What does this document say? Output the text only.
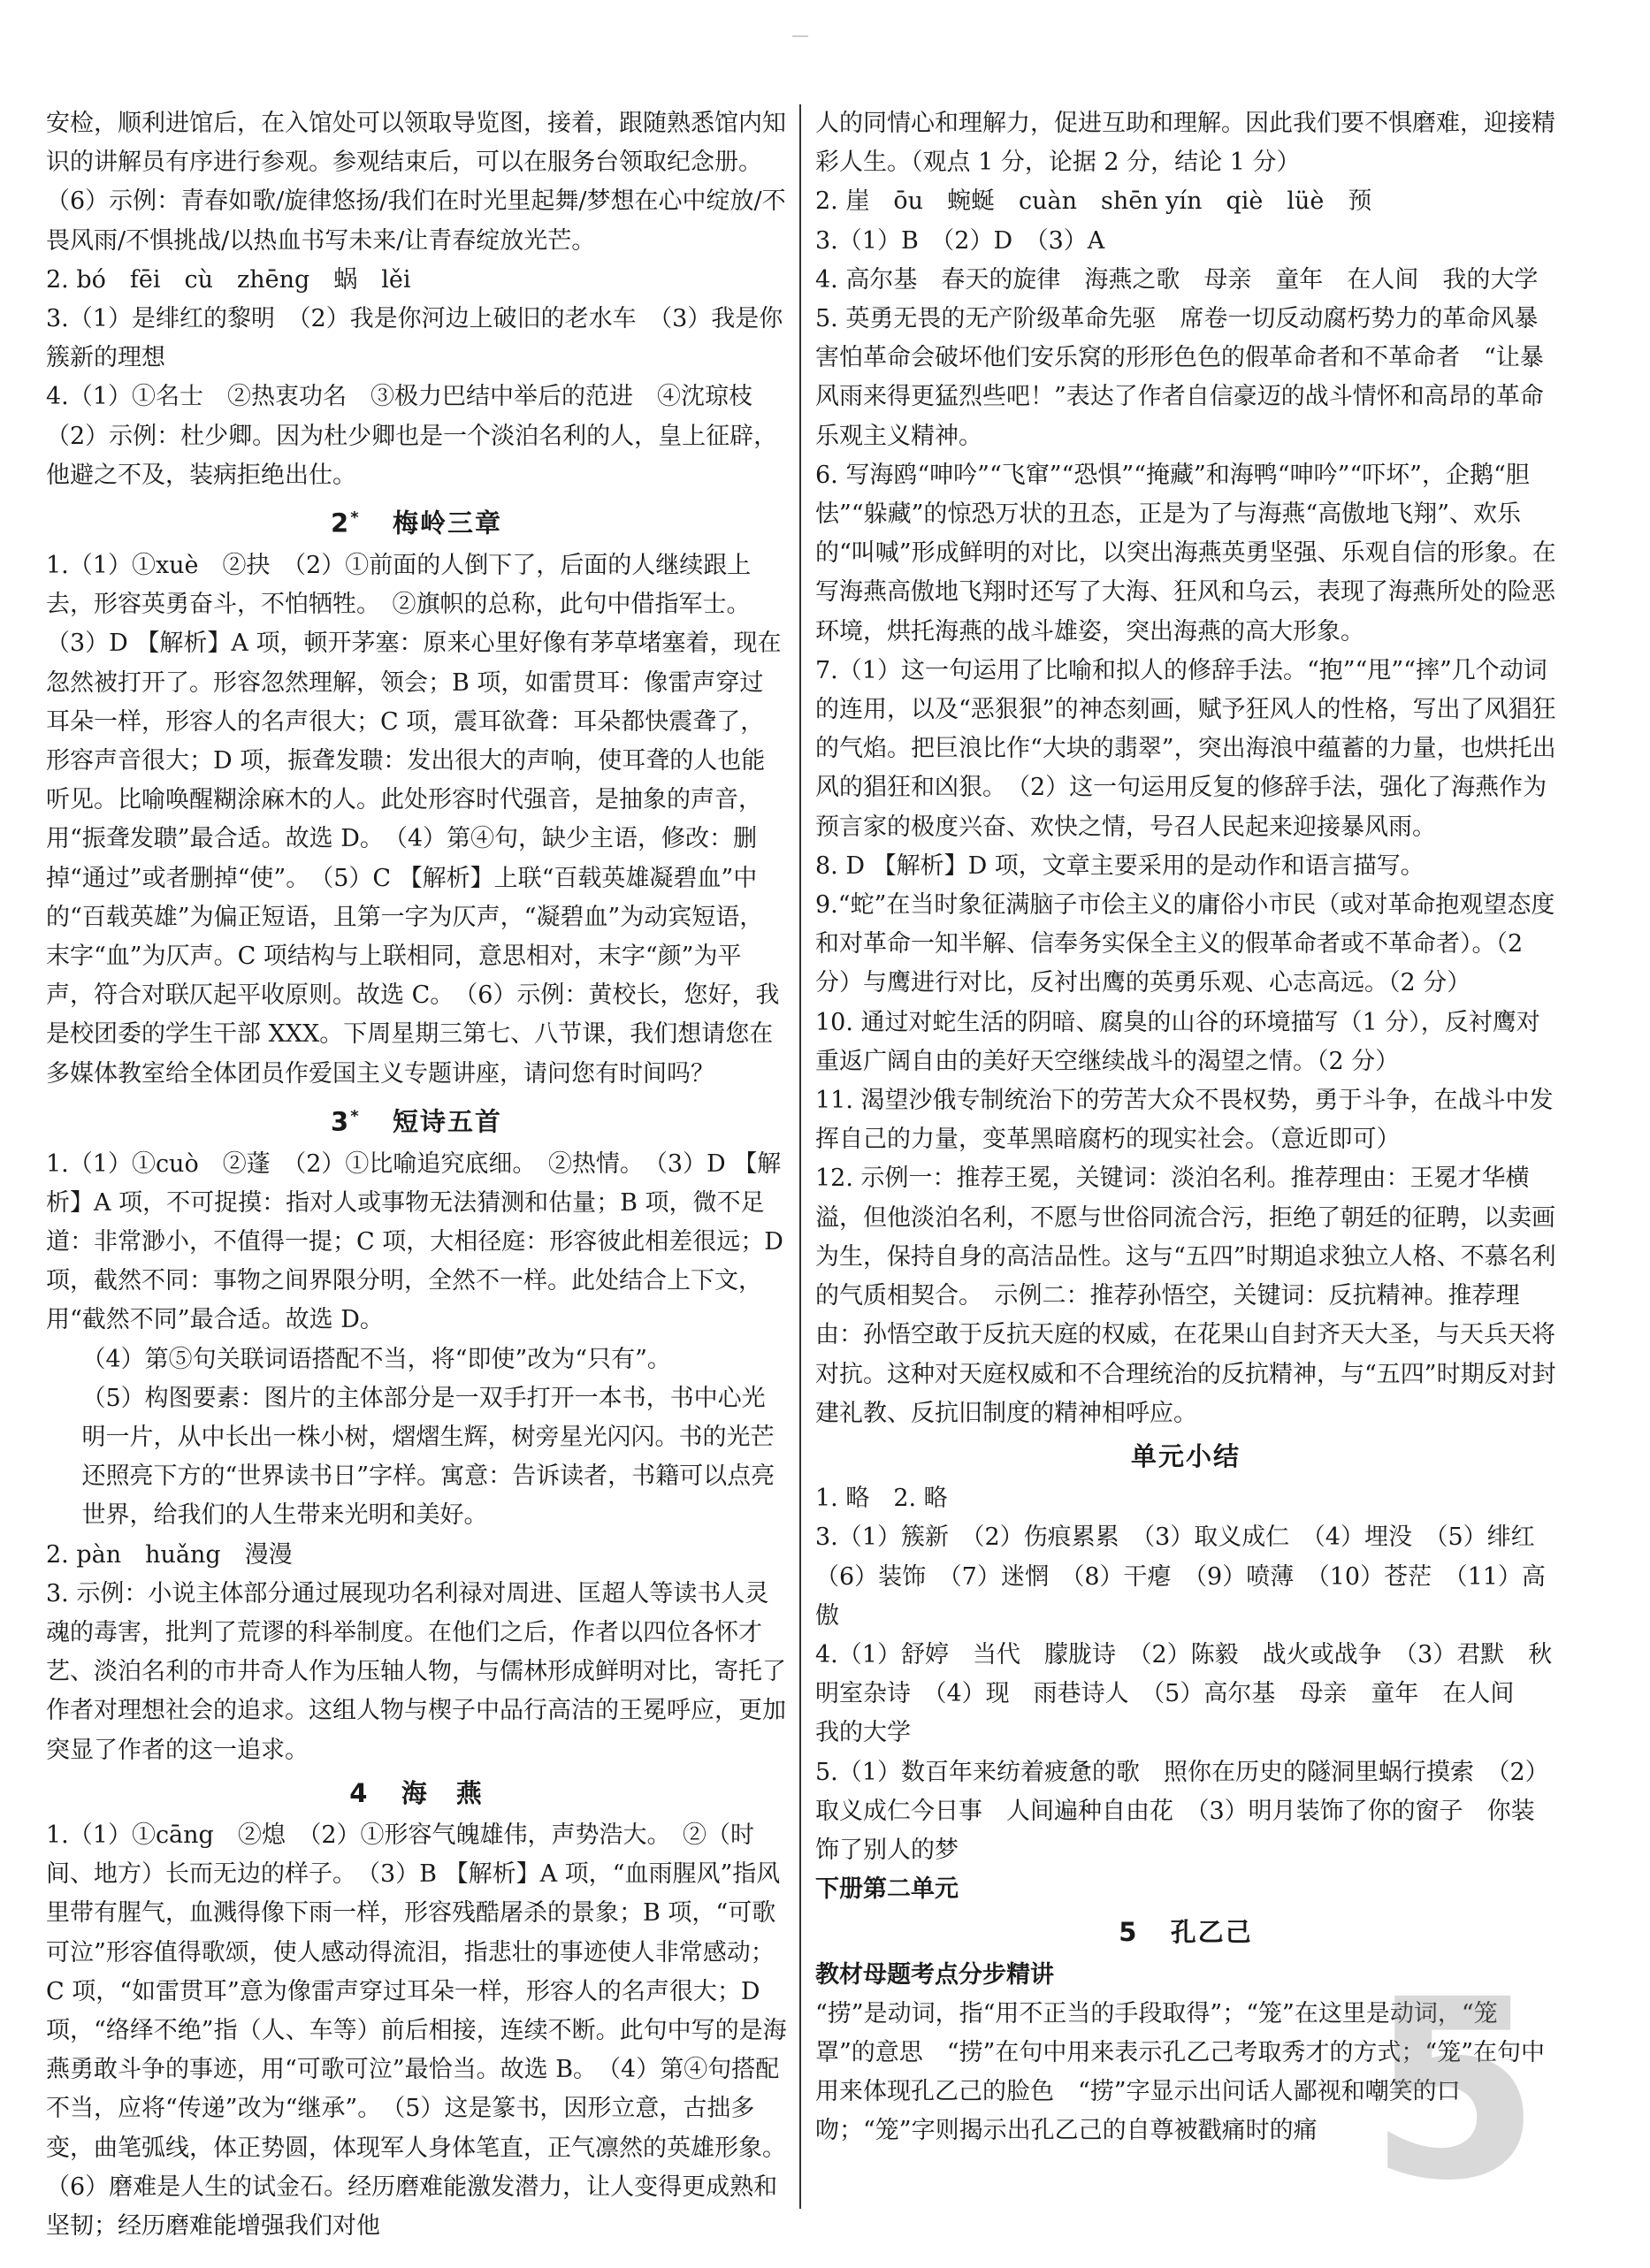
安检，顺利进馆后，在入馆处可以领取导览图，接着，跟随熟悉馆内知识的讲解员有序进行参观。参观结束后，可以在服务台领取纪念册。（6）示例：青春如歌/旋律悠扬/我们在时光里起舞/梦想在心中绽放/不畏风雨/不惧挑战/以热血书写未来/让青春绽放光芒。

2. bó　fēi　cù　zhēng　蜗　lěi

3.（1）是绯红的黎明　（2）我是你河边上破旧的老水车　（3）我是你簇新的理想

4.（1）①名士　②热衷功名　③极力巴结中举后的范进　④沈琼枝　（2）示例：杜少卿。因为杜少卿也是一个淡泊名利的人，皇上征辟，他避之不及，装病拒绝出仕。

2* 梅岭三章

1.（1）①xuè　②抉　（2）①前面的人倒下了，后面的人继续跟上去，形容英勇奋斗，不怕牺牲。　②旗帜的总称，此句中借指军士。　（3）D 【解析】A 项，顿开茅塞：原来心里好像有茅草堵塞着，现在忽然被打开了。形容忽然理解，领会；B 项，如雷贯耳：像雷声穿过耳朵一样，形容人的名声很大；C 项，震耳欲聋：耳朵都快震聋了，形容声音很大；D 项，振聋发聩：发出很大的声响，使耳聋的人也能听见。比喻唤醒糊涂麻木的人。此处形容时代强音，是抽象的声音，用“振聋发聩”最合适。故选 D。　（4）第④句，缺少主语，修改：删掉“通过”或者删掉“使”。　（5）C 【解析】上联“百载英雄凝碧血”中的“百载英雄”为偏正短语，且第一字为仄声，“凝碧血”为动宾短语，末字“血”为仄声。C 项结构与上联相同，意思相对，末字“颜”为平声，符合对联仄起平收原则。故选 C。　（6）示例：黄校长，您好，我是校团委的学生干部 XXX。下周星期三第七、八节课，我们想请您在多媒体教室给全体团员作爱国主义专题讲座，请问您有时间吗？

3* 短诗五首

1.（1）①cuò　②蓬　（2）①比喻追究底细。　②热情。　（3）D 【解析】A 项，不可捉摸：指对人或事物无法猜测和估量；B 项，微不足道：非常渺小，不值得一提；C 项，大相径庭：形容彼此相差很远；D 项，截然不同：事物之间界限分明，全然不一样。此处结合上下文，用“截然不同”最合适。故选 D。

（4）第⑤句关联词语搭配不当，将“即使”改为“只有”。

（5）构图要素：图片的主体部分是一双手打开一本书，书中心光明一片，从中长出一株小树，熠熠生辉，树旁星光闪闪。书的光芒还照亮下方的“世界读书日”字样。寓意：告诉读者，书籍可以点亮世界，给我们的人生带来光明和美好。

2. pàn　huǎng　漫漫

3. 示例：小说主体部分通过展现功名利禄对周进、匡超人等读书人灵魂的毒害，批判了荒谬的科举制度。在他们之后，作者以四位各怀才艺、淡泊名利的市井奇人作为压轴人物，与儒林形成鲜明对比，寄托了作者对理想社会的追求。这组人物与楔子中品行高洁的王冕呼应，更加突显了作者的这一追求。

4 海　燕

1.（1）①cāng　②熄　（2）①形容气魄雄伟，声势浩大。　②（时间、地方）长而无边的样子。　（3）B 【解析】A 项，“血雨腥风”指风里带有腥气，血溅得像下雨一样，形容残酷屠杀的景象；B 项，“可歌可泣”形容值得歌颂，使人感动得流泪，指悲壮的事迹使人非常感动；C 项，“如雷贯耳”意为像雷声穿过耳朵一样，形容人的名声很大；D 项，“络绎不绝”指（人、车等）前后相接，连续不断。此句中写的是海燕勇敢斗争的事迹，用“可歌可泣”最恰当。故选 B。　（4）第④句搭配不当，应将“传递”改为“继承”。　（5）这是篆书，因形立意，古拙多变，曲笔弧线，体正势圆，体现军人身体笔直，正气凛然的英雄形象。　（6）磨难是人生的试金石。经历磨难能激发潜力，让人变得更成熟和坚韧；经历磨难能增强我们对他

人的同情心和理解力，促进互助和理解。因此我们要不惧磨难，迎接精彩人生。（观点 1 分，论据 2 分，结论 1 分）

2. 崖　ōu　蜿蜒　cuàn　shēn yín　qiè　lüè　预

3.（1）B　（2）D　（3）A

4. 高尔基　春天的旋律　海燕之歌　母亲　童年　在人间　我的大学

5. 英勇无畏的无产阶级革命先驱　席卷一切反动腐朽势力的革命风暴　害怕革命会破坏他们安乐窝的形形色色的假革命者和不革命者　“让暴风雨来得更猛烈些吧！”表达了作者自信豪迈的战斗情怀和高昂的革命乐观主义精神。

6. 写海鸥“呻吟”“飞窜”“恐惧”“掩藏”和海鸭“呻吟”“吓坏”，企鹅“胆怯”“躲藏”的惊恐万状的丑态，正是为了与海燕“高傲地飞翔”、欢乐的“叫喊”形成鲜明的对比，以突出海燕英勇坚强、乐观自信的形象。在写海燕高傲地飞翔时还写了大海、狂风和乌云，表现了海燕所处的险恶环境，烘托海燕的战斗雄姿，突出海燕的高大形象。

7.（1）这一句运用了比喻和拟人的修辞手法。“抱”“甩”“摔”几个动词的连用，以及“恶狠狠”的神态刻画，赋予狂风人的性格，写出了风猖狂的气焰。把巨浪比作“大块的翡翠”，突出海浪中蕴蓄的力量，也烘托出风的猖狂和凶狠。　（2）这一句运用反复的修辞手法，强化了海燕作为预言家的极度兴奋、欢快之情，号召人民起来迎接暴风雨。

8. D 【解析】D 项，文章主要采用的是动作和语言描写。

9.“蛇”在当时象征满脑子市侩主义的庸俗小市民（或对革命抱观望态度和对革命一知半解、信奉务实保全主义的假革命者或不革命者）。（2 分）与鹰进行对比，反衬出鹰的英勇乐观、心志高远。（2 分）

10. 通过对蛇生活的阴暗、腐臭的山谷的环境描写（1 分），反衬鹰对重返广阔自由的美好天空继续战斗的渴望之情。（2 分）

11. 渴望沙俄专制统治下的劳苦大众不畏权势，勇于斗争，在战斗中发挥自己的力量，变革黑暗腐朽的现实社会。（意近即可）

12. 示例一：推荐王冕，关键词：淡泊名利。推荐理由：王冕才华横溢，但他淡泊名利，不愿与世俗同流合污，拒绝了朝廷的征聘，以卖画为生，保持自身的高洁品性。这与“五四”时期追求独立人格、不慕名利的气质相契合。　示例二：推荐孙悟空，关键词：反抗精神。推荐理由：孙悟空敢于反抗天庭的权威，在花果山自封齐天大圣，与天兵天将对抗。这种对天庭权威和不合理统治的反抗精神，与“五四”时期反对封建礼教、反抗旧制度的精神相呼应。

单元小结

1. 略　2. 略

3.（1）簇新　（2）伤痕累累　（3）取义成仁　（4）埋没　（5）绯红　（6）装饰　（7）迷惘　（8）干瘪　（9）喷薄　（10）苍茫　（11）高傲

4.（1）舒婷　当代　朦胧诗　（2）陈毅　战火或战争　（3）君默　秋明室杂诗　（4）现　雨巷诗人　（5）高尔基　母亲　童年　在人间　我的大学

5.（1）数百年来纺着疲惫的歌　照你在历史的隧洞里蜗行摸索　（2）取义成仁今日事　人间遍种自由花　（3）明月装饰了你的窗子　你装饰了别人的梦

下册第二单元
5 孔乙己
教材母题考点分步精讲

“捞”是动词，指“用不正当的手段取得”；“笼”在这里是动词，“笼罩”的意思　“捞”在句中用来表示孔乙己考取秀才的方式；“笼”在句中用来体现孔乙己的脸色　“捞”字显示出问话人鄙视和嘲笑的口吻；“笼”字则揭示出孔乙己的自尊被戳痛时的痛 5
